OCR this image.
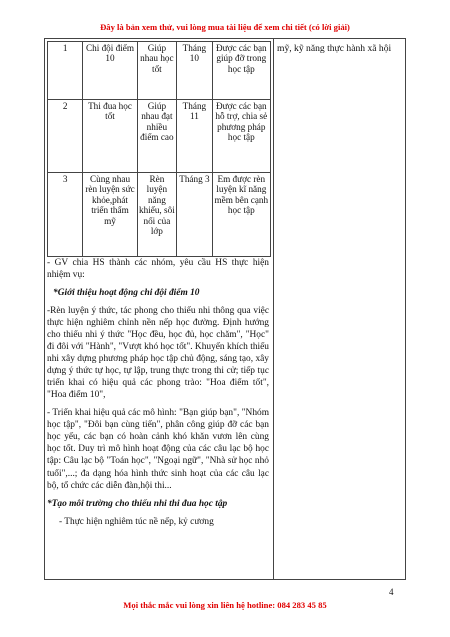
Đây là bản xem thử, vui lòng mua tài liệu để xem chi tiết (có lời giải)
mỹ, kỹ năng thực hành xã hội
1	Chi đội điểm 10	Giúp nhau học tốt	Tháng 10	Được các bạn giúp đỡ trong học tập
2	Thi đua học tốt	Giúp nhau đạt nhiều điểm cao	Tháng 11	Được các bạn hỗ trợ, chia sẻ phương pháp học tập
3	Cùng nhau rèn luyện sức khỏe,phát triển thẩm mỹ	Rèn luyện năng khiếu, sôi nổi của lớp	Tháng 3	Em được rèn luyện kĩ năng mềm bên cạnh học tập

- GV chia HS thành các nhóm, yêu cầu HS thực hiện nhiệm vụ:

*Giới thiệu hoạt động chi đội điểm 10

-Rèn luyện ý thức, tác phong cho thiếu nhi thông qua việc thực hiện nghiêm chỉnh nền nếp học đường. Định hướng cho thiếu nhi ý thức "Học đều, học đủ, học chăm", "Học" đi đôi với "Hành", "Vượt khó học tốt". Khuyến khích thiếu nhi xây dựng phương pháp học tập chủ động, sáng tạo, xây dựng ý thức tự học, tự lập, trung thực trong thi cử; tiếp tục triển khai có hiệu quả các phong trào: "Hoa điểm tốt", "Hoa điểm 10",

- Triển khai hiệu quả các mô hình: "Bạn giúp bạn", "Nhóm học tập", "Đôi bạn cùng tiến", phân công giúp đỡ các bạn học yếu, các bạn có hoàn cảnh khó khăn vươn lên cùng học tốt. Duy trì mô hình hoạt động của các câu lạc bộ học tập: Câu lạc bộ "Toán học", "Ngoại ngữ", "Nhà sử học nhỏ tuổi",...; đa dạng hóa hình thức sinh hoạt của các câu lạc bộ, tổ chức các diễn đàn,hội thi...

*Tạo môi trường cho thiếu nhi thi đua học tập

- Thực hiện nghiêm túc nề nếp, kỷ cương

4
Mọi thắc mắc vui lòng xin liên hệ hotline: 084 283 45 85
